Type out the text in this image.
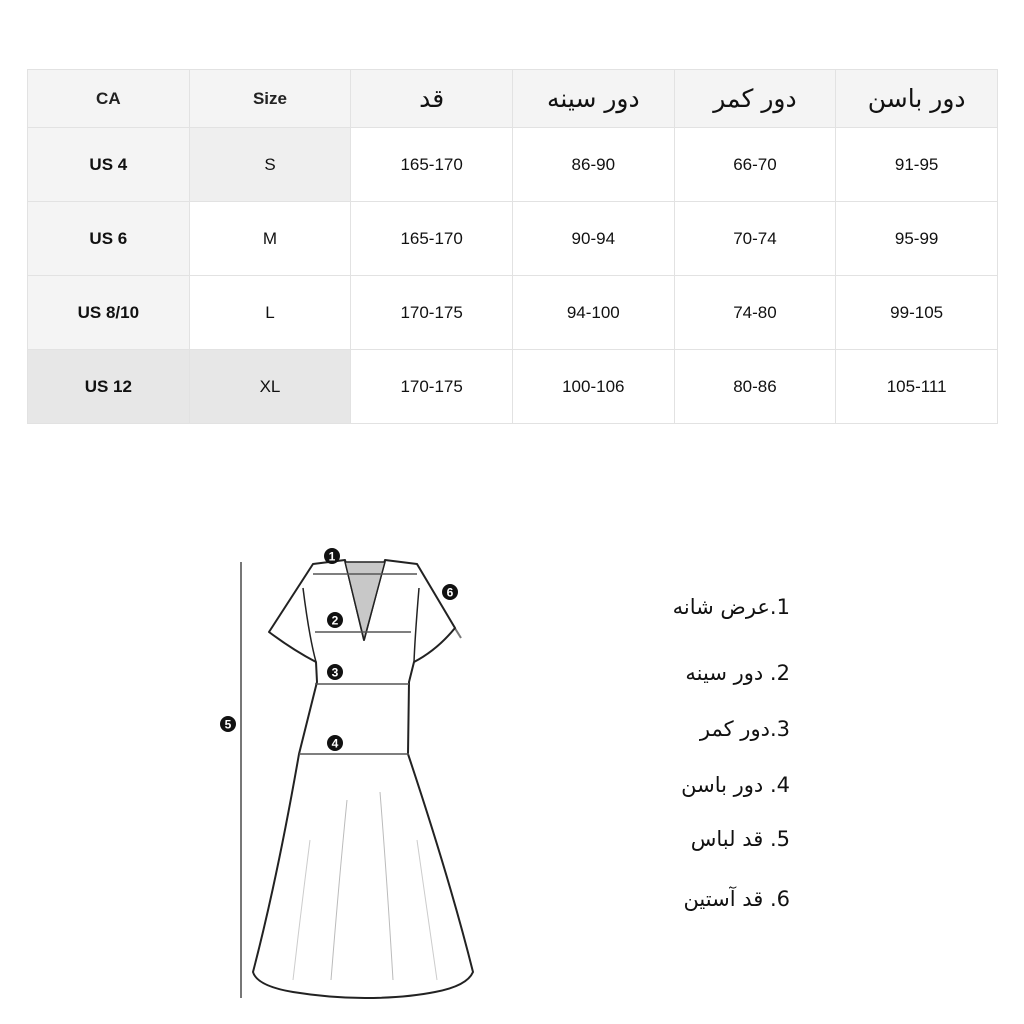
CA	Size	قد	دور سینه	دور کمر	دور باسن
US 4	S	165-170	86-90	66-70	91-95
US 6	M	165-170	90-94	70-74	95-99
US 8/10	L	170-175	94-100	74-80	99-105
US 12	XL	170-175	100-106	80-86	105-111
1
2
3
4
5
6
1.عرض شانه
2. دور سینه
3.دور کمر
4. دور باسن
5. قد لباس
6. قد آستین
